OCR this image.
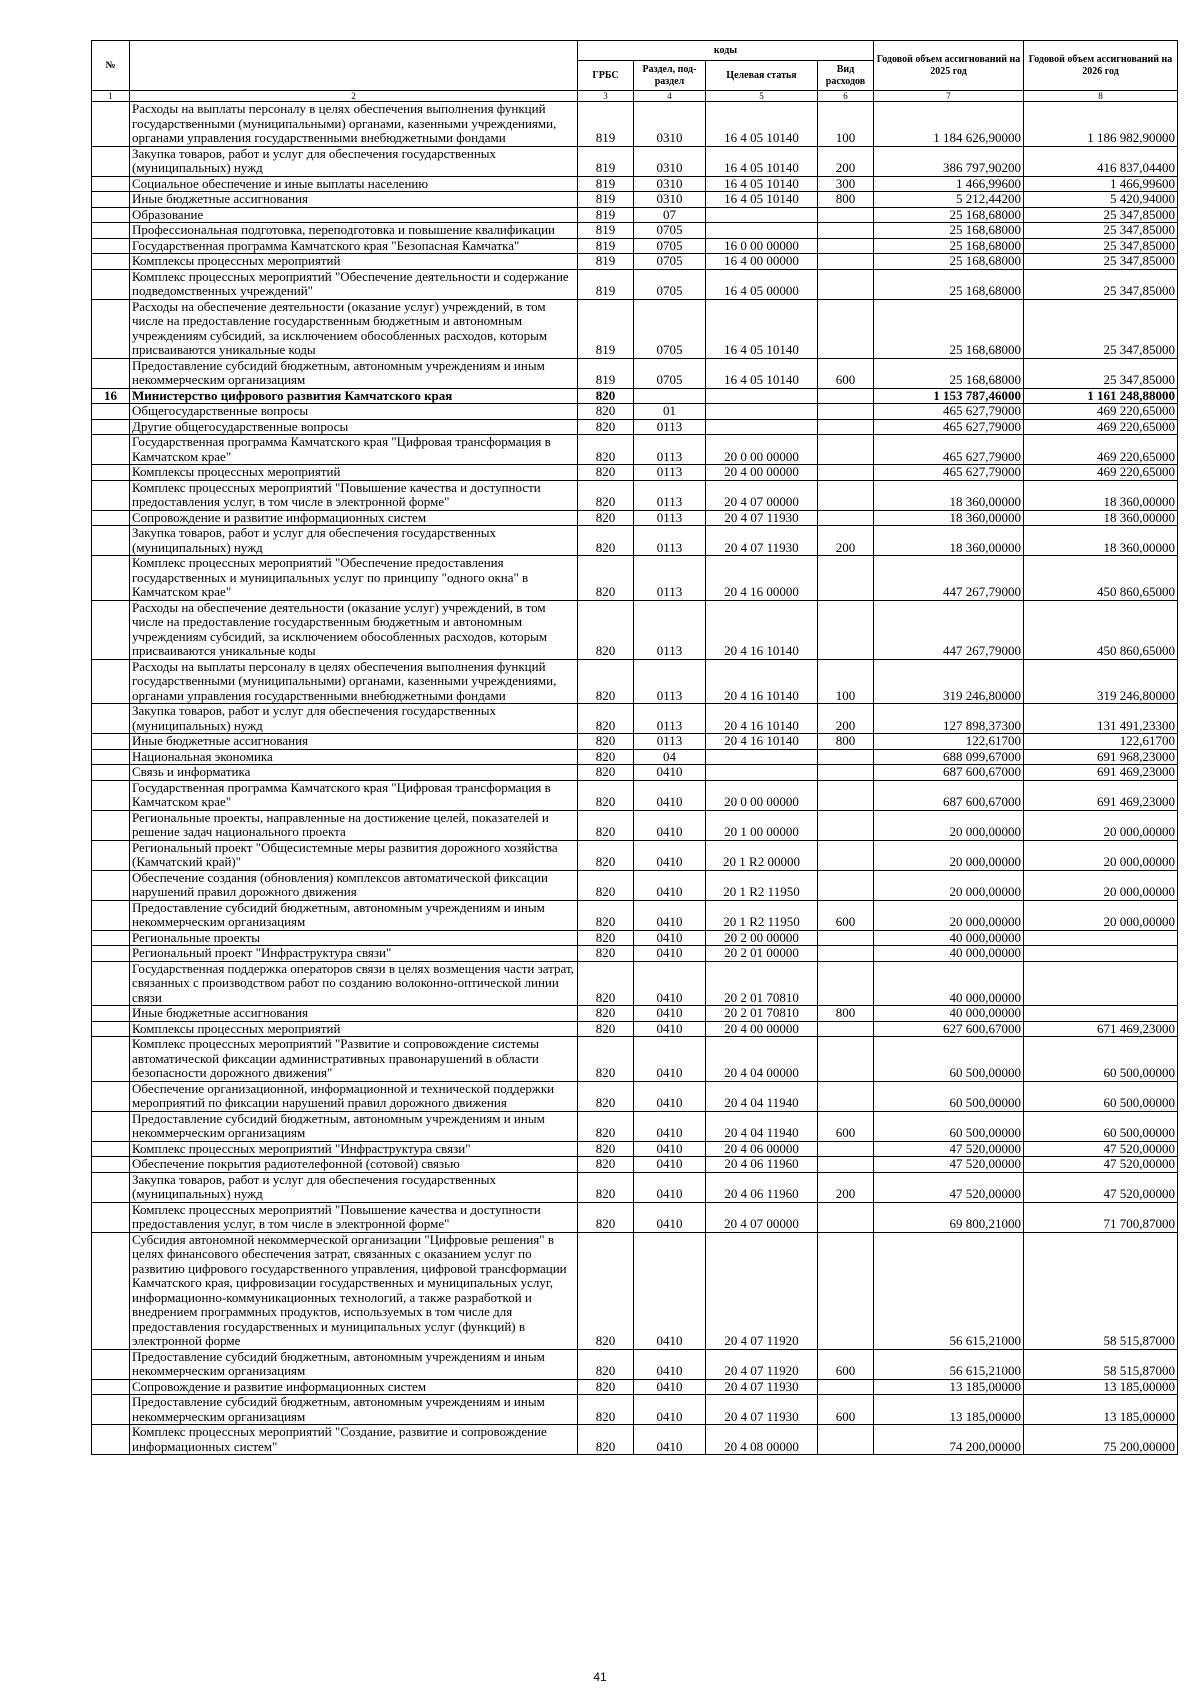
№		коды				Годовой объем ассигнований на 2025 год	Годовой объем ассигнований на 2026 год
		ГРБС	Раздел, под-раздел	Целевая статья	Вид расходов		
1	2	3	4	5	6	7	8
	Расходы на выплаты персоналу в целях обеспечения выполнения функций государственными (муниципальными) органами, казенными учреждениями, органами управления государственными внебюджетными фондами	819	0310	16 4 05 10140	100	1 184 626,90000	1 186 982,90000
	Закупка товаров, работ и услуг для обеспечения государственных (муниципальных) нужд	819	0310	16 4 05 10140	200	386 797,90200	416 837,04400
	Социальное обеспечение и иные выплаты населению	819	0310	16 4 05 10140	300	1 466,99600	1 466,99600
	Иные бюджетные ассигнования	819	0310	16 4 05 10140	800	5 212,44200	5 420,94000
	Образование	819	07			25 168,68000	25 347,85000
	Профессиональная подготовка, переподготовка и повышение квалификации	819	0705			25 168,68000	25 347,85000
	Государственная программа Камчатского края "Безопасная Камчатка"	819	0705	16 0 00 00000		25 168,68000	25 347,85000
	Комплексы процессных мероприятий	819	0705	16 4 00 00000		25 168,68000	25 347,85000
	Комплекс процессных мероприятий "Обеспечение деятельности и содержание подведомственных учреждений"	819	0705	16 4 05 00000		25 168,68000	25 347,85000
	Расходы на обеспечение деятельности (оказание услуг) учреждений, в том числе на предоставление государственным бюджетным и автономным учреждениям субсидий, за исключением обособленных расходов, которым присваиваются уникальные коды	819	0705	16 4 05 10140		25 168,68000	25 347,85000
	Предоставление субсидий бюджетным, автономным учреждениям и иным некоммерческим организациям	819	0705	16 4 05 10140	600	25 168,68000	25 347,85000
16	Министерство цифрового развития Камчатского края	820				1 153 787,46000	1 161 248,88000
	Общегосударственные вопросы	820	01			465 627,79000	469 220,65000
	Другие общегосударственные вопросы	820	0113			465 627,79000	469 220,65000
	Государственная программа Камчатского края "Цифровая трансформация в Камчатском крае"	820	0113	20 0 00 00000		465 627,79000	469 220,65000
	Комплексы процессных мероприятий	820	0113	20 4 00 00000		465 627,79000	469 220,65000
	Комплекс процессных мероприятий "Повышение качества и доступности предоставления услуг, в том числе в электронной форме"	820	0113	20 4 07 00000		18 360,00000	18 360,00000
	Сопровождение и развитие информационных систем	820	0113	20 4 07 11930		18 360,00000	18 360,00000
	Закупка товаров, работ и услуг для обеспечения государственных (муниципальных) нужд	820	0113	20 4 07 11930	200	18 360,00000	18 360,00000
	Комплекс процессных мероприятий "Обеспечение предоставления государственных и муниципальных услуг по принципу "одного окна" в Камчатском крае"	820	0113	20 4 16 00000		447 267,79000	450 860,65000
	Расходы на обеспечение деятельности (оказание услуг) учреждений, в том числе на предоставление государственным бюджетным и автономным учреждениям субсидий, за исключением обособленных расходов, которым присваиваются уникальные коды	820	0113	20 4 16 10140		447 267,79000	450 860,65000
	Расходы на выплаты персоналу в целях обеспечения выполнения функций государственными (муниципальными) органами, казенными учреждениями, органами управления государственными внебюджетными фондами	820	0113	20 4 16 10140	100	319 246,80000	319 246,80000
	Закупка товаров, работ и услуг для обеспечения государственных (муниципальных) нужд	820	0113	20 4 16 10140	200	127 898,37300	131 491,23300
	Иные бюджетные ассигнования	820	0113	20 4 16 10140	800	122,61700	122,61700
	Национальная экономика	820	04			688 099,67000	691 968,23000
	Связь и информатика	820	0410			687 600,67000	691 469,23000
	Государственная программа Камчатского края "Цифровая трансформация в Камчатском крае"	820	0410	20 0 00 00000		687 600,67000	691 469,23000
	Региональные проекты, направленные на достижение целей, показателей и решение задач национального проекта	820	0410	20 1 00 00000		20 000,00000	20 000,00000
	Региональный проект "Общесистемные меры развития дорожного хозяйства (Камчатский край)"	820	0410	20 1 R2 00000		20 000,00000	20 000,00000
	Обеспечение создания (обновления) комплексов автоматической фиксации нарушений правил дорожного движения	820	0410	20 1 R2 11950		20 000,00000	20 000,00000
	Предоставление субсидий бюджетным, автономным учреждениям и иным некоммерческим организациям	820	0410	20 1 R2 11950	600	20 000,00000	20 000,00000
	Региональные проекты	820	0410	20 2 00 00000		40 000,00000	
	Региональный проект "Инфраструктура связи"	820	0410	20 2 01 00000		40 000,00000	
	Государственная поддержка операторов связи в целях возмещения части затрат, связанных с производством работ по созданию волоконно-оптической линии связи	820	0410	20 2 01 70810		40 000,00000	
	Иные бюджетные ассигнования	820	0410	20 2 01 70810	800	40 000,00000	
	Комплексы процессных мероприятий	820	0410	20 4 00 00000		627 600,67000	671 469,23000
	Комплекс процессных мероприятий "Развитие и сопровождение системы автоматической фиксации административных правонарушений в области безопасности дорожного движения"	820	0410	20 4 04 00000		60 500,00000	60 500,00000
	Обеспечение организационной, информационной и технической поддержки мероприятий по фиксации нарушений правил дорожного движения	820	0410	20 4 04 11940		60 500,00000	60 500,00000
	Предоставление субсидий бюджетным, автономным учреждениям и иным некоммерческим организациям	820	0410	20 4 04 11940	600	60 500,00000	60 500,00000
	Комплекс процессных мероприятий "Инфраструктура связи"	820	0410	20 4 06 00000		47 520,00000	47 520,00000
	Обеспечение покрытия радиотелефонной (сотовой) связью	820	0410	20 4 06 11960		47 520,00000	47 520,00000
	Закупка товаров, работ и услуг для обеспечения государственных (муниципальных) нужд	820	0410	20 4 06 11960	200	47 520,00000	47 520,00000
	Комплекс процессных мероприятий "Повышение качества и доступности предоставления услуг, в том числе в электронной форме"	820	0410	20 4 07 00000		69 800,21000	71 700,87000
	Субсидия автономной некоммерческой организации "Цифровые решения" в целях финансового обеспечения затрат, связанных с оказанием услуг по развитию цифрового государственного управления, цифровой трансформации Камчатского края, цифровизации государственных и муниципальных услуг, информационно-коммуникационных технологий, а также разработкой и внедрением программных продуктов, используемых в том числе для предоставления государственных и муниципальных услуг (функций) в электронной форме	820	0410	20 4 07 11920		56 615,21000	58 515,87000
	Предоставление субсидий бюджетным, автономным учреждениям и иным некоммерческим организациям	820	0410	20 4 07 11920	600	56 615,21000	58 515,87000
	Сопровождение и развитие информационных систем	820	0410	20 4 07 11930		13 185,00000	13 185,00000
	Предоставление субсидий бюджетным, автономным учреждениям и иным некоммерческим организациям	820	0410	20 4 07 11930	600	13 185,00000	13 185,00000
	Комплекс процессных мероприятий "Создание, развитие и сопровождение информационных систем"	820	0410	20 4 08 00000		74 200,00000	75 200,00000
41
